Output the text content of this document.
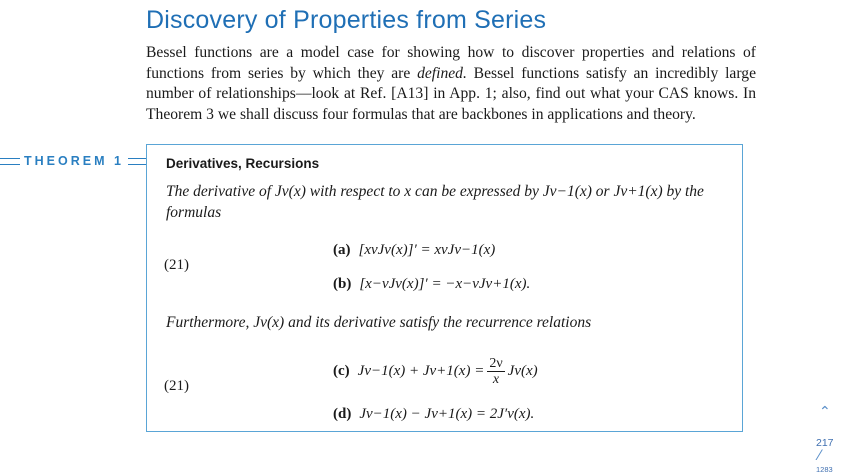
Discovery of Properties from Series

Bessel functions are a model case for showing how to discover properties and relations of functions from series by which they are defined. Bessel functions satisfy an incredibly large number of relationships—look at Ref. [A13] in App. 1; also, find out what your CAS knows. In Theorem 3 we shall discuss four formulas that are backbones in applications and theory.

THEOREM 1	Derivatives, Recursions

The derivative of Jν(x) with respect to x can be expressed by Jν−1(x) or Jν+1(x) by the formulas

(21)
(a) [xνJν(x)]′ = xνJν−1(x)
(b) [x−νJν(x)]′ = −x−νJν+1(x).

Furthermore, Jν(x) and its derivative satisfy the recurrence relations

(21)
(c) $J\nu-1(x) + J\nu+1(x) = \frac{2\nu}{x} J\nu(x)$
(d) Jν−1(x) − Jν+1(x) = 2J′ν(x).	⌃
217
⁄
1283
